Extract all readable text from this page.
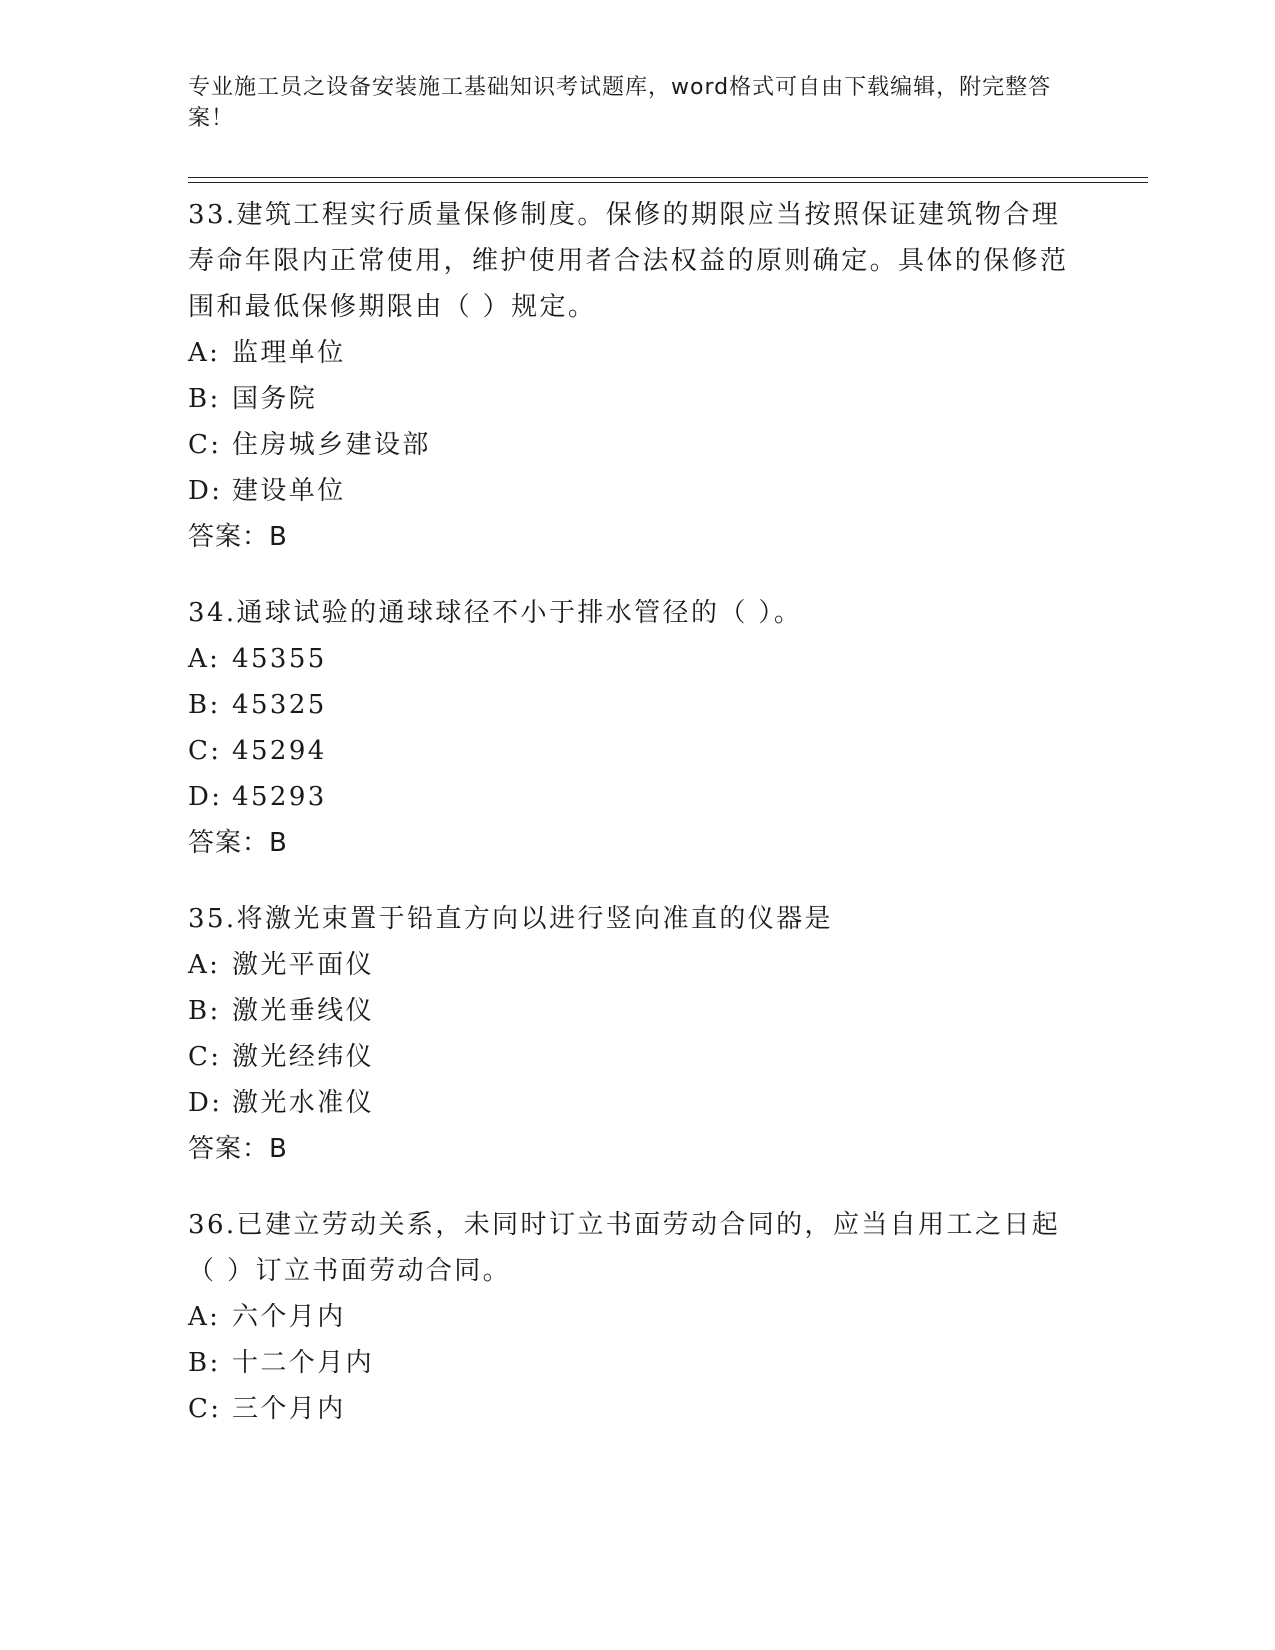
专业施工员之设备安装施工基础知识考试题库，word格式可自由下载编辑，附完整答案！
33.建筑工程实行质量保修制度。保修的期限应当按照保证建筑物合理寿命年限内正常使用，维护使用者合法权益的原则确定。具体的保修范围和最低保修期限由（ ）规定。
A: 监理单位
B: 国务院
C: 住房城乡建设部
D: 建设单位
答案：B
34.通球试验的通球球径不小于排水管径的（ ）。
A: 45355
B: 45325
C: 45294
D: 45293
答案：B
35.将激光束置于铅直方向以进行竖向准直的仪器是
A: 激光平面仪
B: 激光垂线仪
C: 激光经纬仪
D: 激光水准仪
答案：B
36.已建立劳动关系，未同时订立书面劳动合同的，应当自用工之日起（ ）订立书面劳动合同。
A: 六个月内
B: 十二个月内
C: 三个月内
